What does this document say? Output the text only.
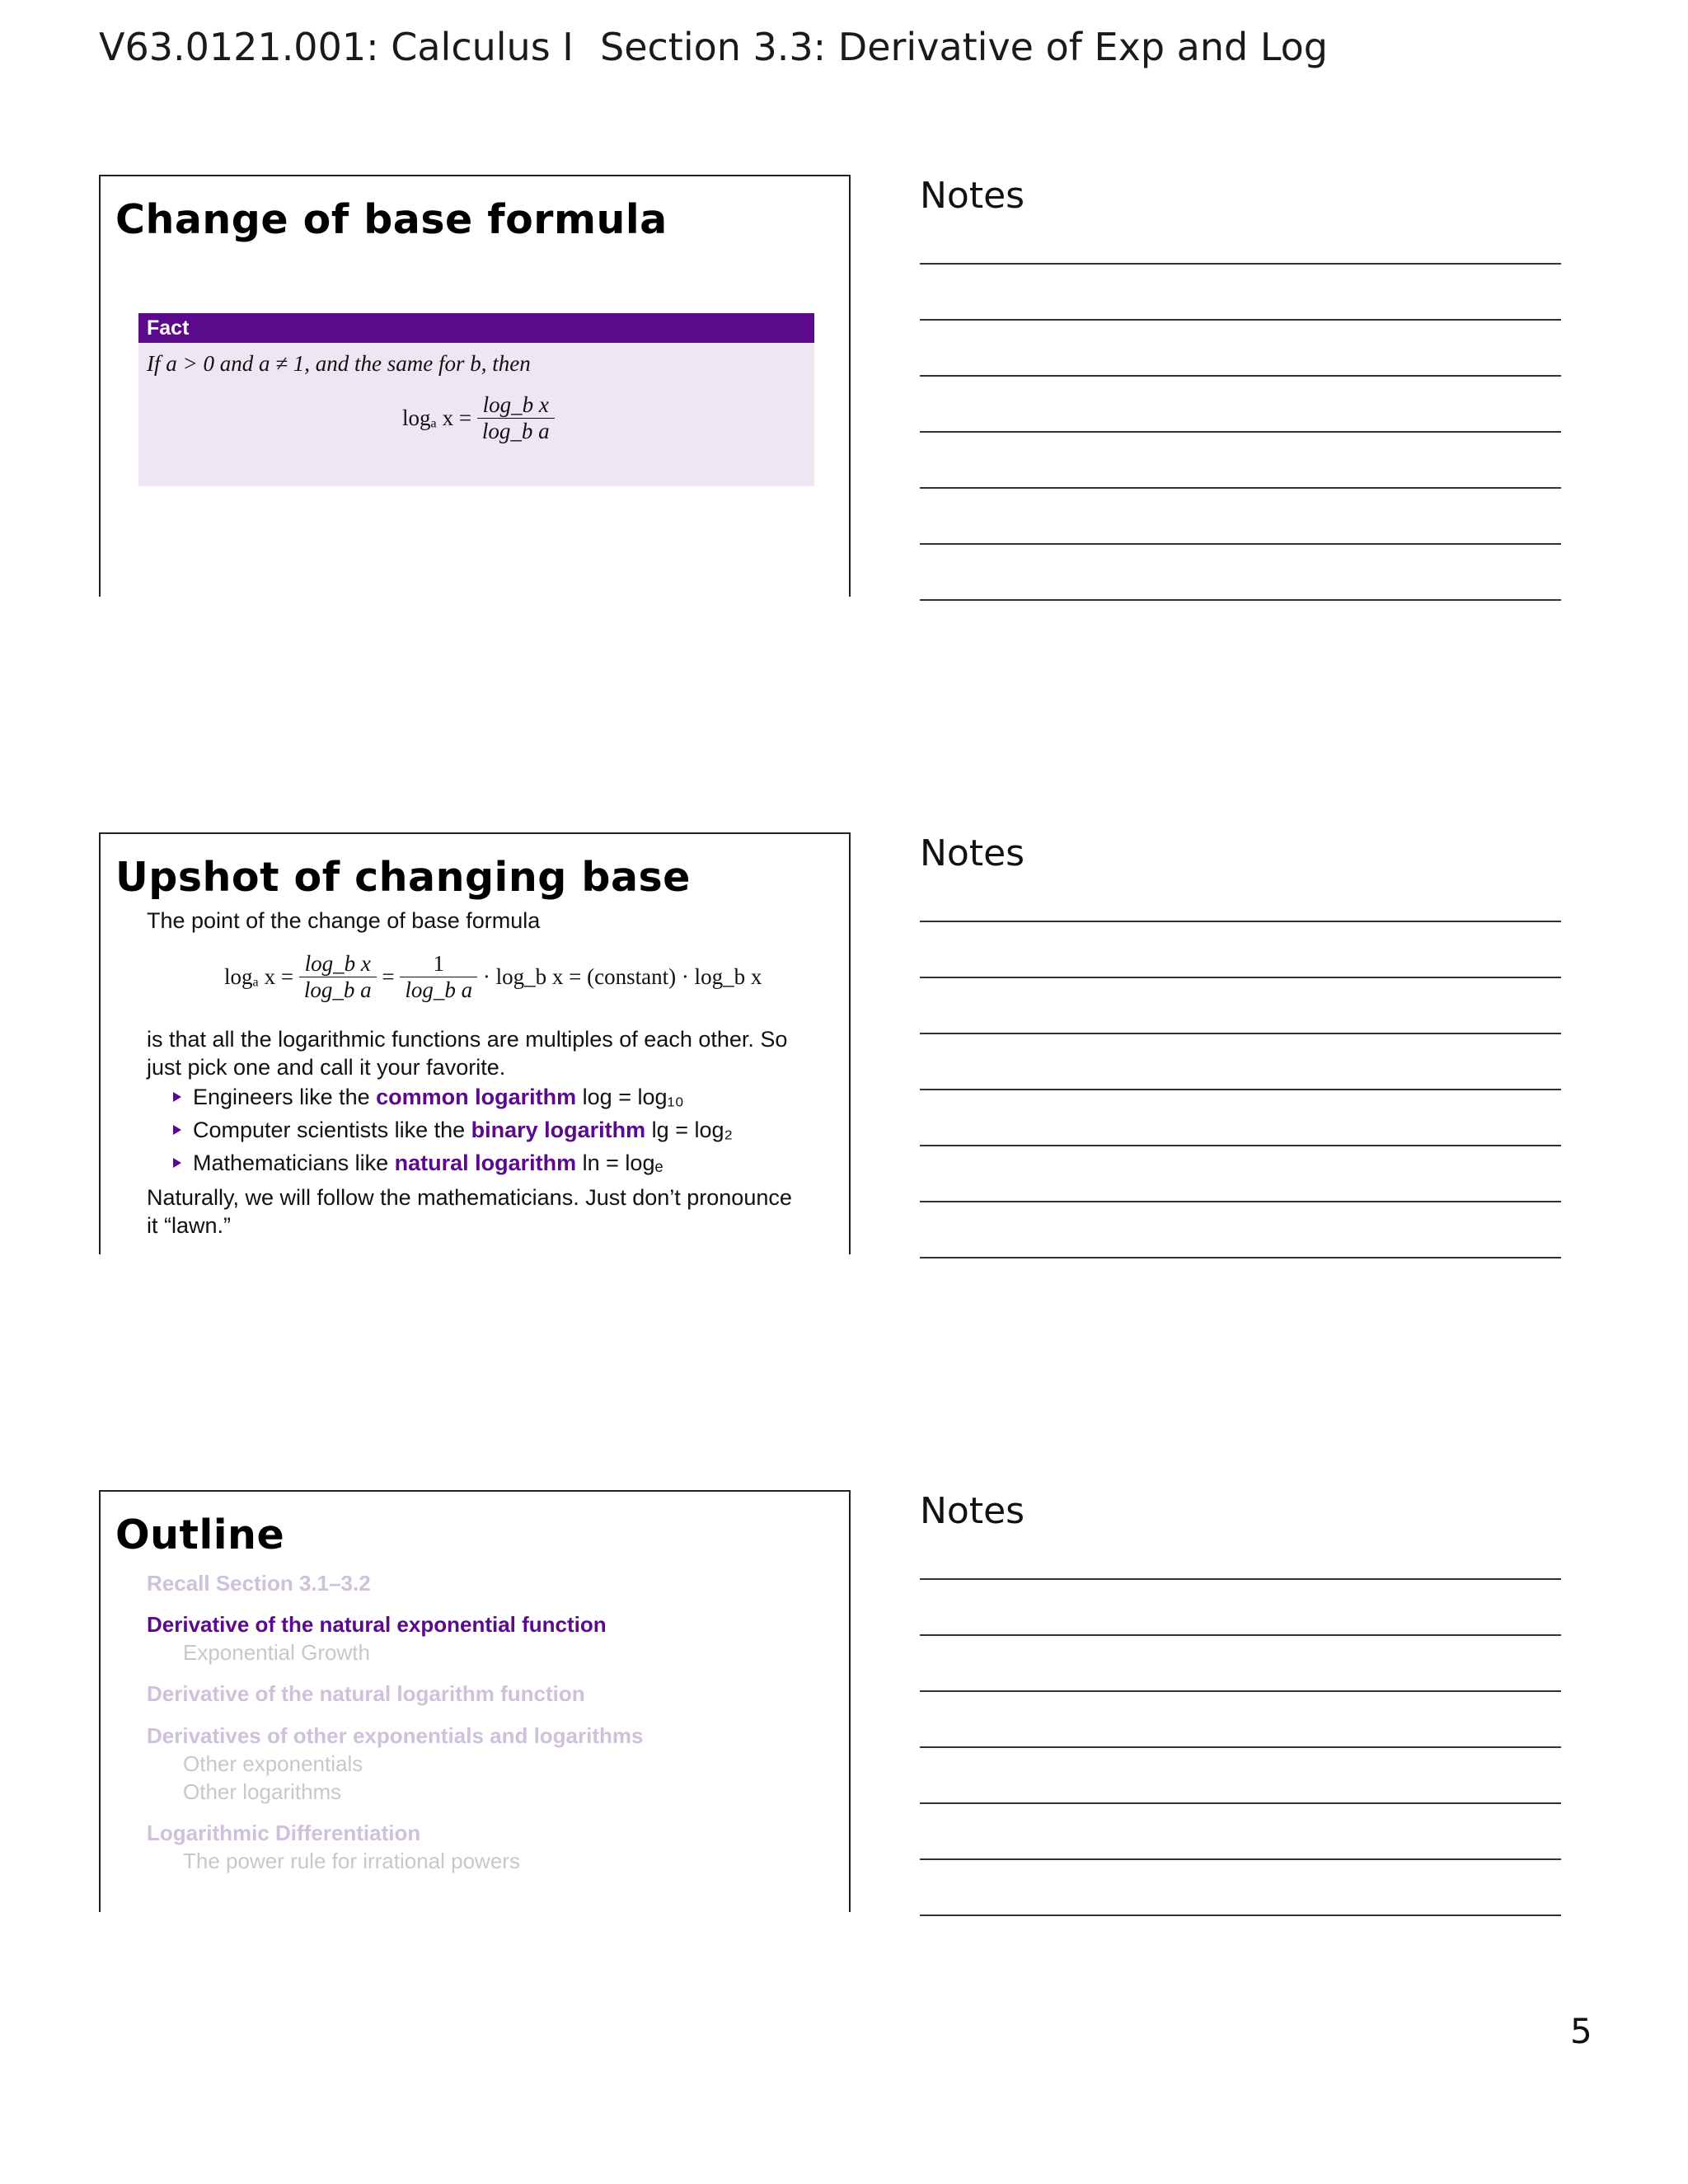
V63.0121.001: Calculus I Section 3.3: Derivative of Exp and Log
Change of base formula
Fact
If a > 0 and a ≠ 1, and the same for b, then
logₐ $x = \frac{\text{log\_b x}}{\text{log\_b a}}$
Notes
Upshot of changing base
The point of the change of base formula
logₐ $x = \frac{\text{log\_b x}}{\text{log\_b a}} = \frac{1}{\text{log\_b a}}$ · log_b x = (constant) · log_b x
is that all the logarithmic functions are multiples of each other. So
just pick one and call it your favorite.
Engineers like the common logarithm log = log₁₀
Computer scientists like the binary logarithm lg = log₂
Mathematicians like natural logarithm ln = logₑ
Naturally, we will follow the mathematicians. Just don’t pronounce
it “lawn.”
Notes
Outline
Recall Section 3.1–3.2
Derivative of the natural exponential function
Exponential Growth
Derivative of the natural logarithm function
Derivatives of other exponentials and logarithms
Other exponentials
Other logarithms
Logarithmic Differentiation
The power rule for irrational powers
Notes
5
